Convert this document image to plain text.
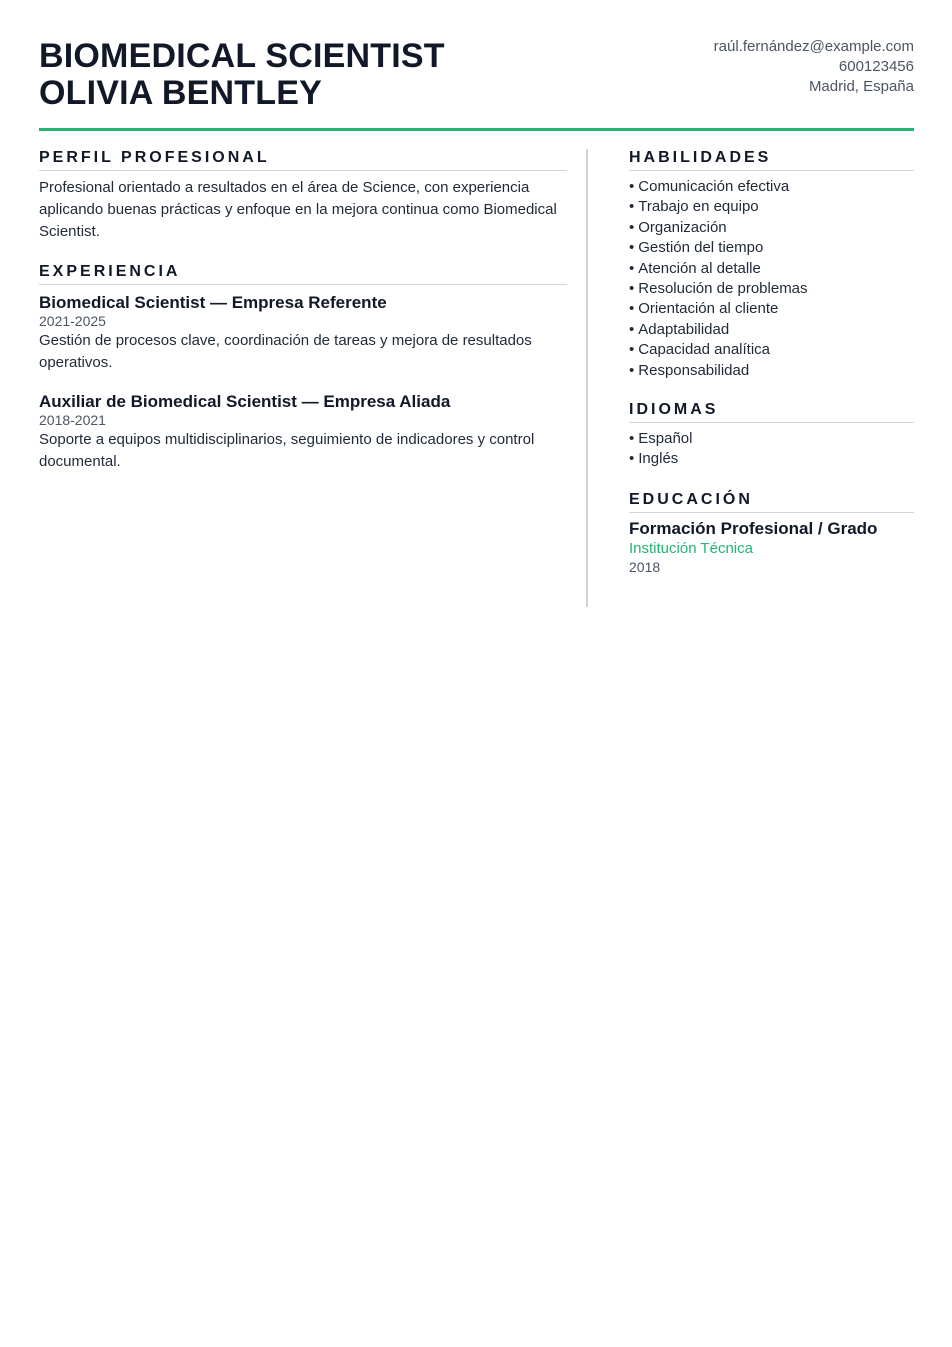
BIOMEDICAL SCIENTIST
OLIVIA BENTLEY
raúl.fernández@example.com
600123456
Madrid, España
PERFIL PROFESIONAL
Profesional orientado a resultados en el área de Science, con experiencia aplicando buenas prácticas y enfoque en la mejora continua como Biomedical Scientist.
EXPERIENCIA
Biomedical Scientist — Empresa Referente
2021-2025
Gestión de procesos clave, coordinación de tareas y mejora de resultados operativos.
Auxiliar de Biomedical Scientist — Empresa Aliada
2018-2021
Soporte a equipos multidisciplinarios, seguimiento de indicadores y control documental.
HABILIDADES
• Comunicación efectiva
• Trabajo en equipo
• Organización
• Gestión del tiempo
• Atención al detalle
• Resolución de problemas
• Orientación al cliente
• Adaptabilidad
• Capacidad analítica
• Responsabilidad
IDIOMAS
• Español
• Inglés
EDUCACIÓN
Formación Profesional / Grado
Institución Técnica
2018
